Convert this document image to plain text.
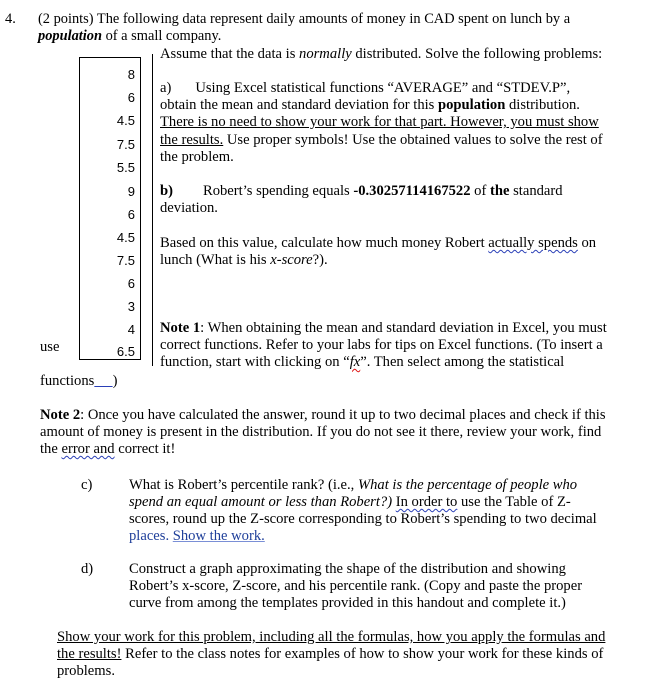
4. (2 points) The following data represent daily amounts of money in CAD spent on lunch by a
population of a small company.
Assume that the data is normally distributed. Solve the following problems:
8
6
4.5
7.5
5.5
9
6
4.5
7.5
6
3
4
6.5
a) Using Excel statistical functions “AVERAGE” and “STDEV.P”,
obtain the mean and standard deviation for this population distribution.
There is no need to show your work for that part. However, you must show
the results. Use proper symbols! Use the obtained values to solve the rest of
the problem.
b) Robert’s spending equals -0.30257114167522 of the standard
deviation.
Based on this value, calculate how much money Robert actually spends on
lunch (What is his x-score?).
Note 1: When obtaining the mean and standard deviation in Excel, you must
use	correct functions. Refer to your labs for tips on Excel functions. (To insert a
function, start with clicking on “fx”. Then select among the statistical
functions )
Note 2: Once you have calculated the answer, round it up to two decimal places and check if this
amount of money is present in the distribution. If you do not see it there, review your work, find
the error and correct it!
c)	What is Robert’s percentile rank? (i.e., What is the percentage of people who
spend an equal amount or less than Robert?) In order to use the Table of Z-
scores, round up the Z-score corresponding to Robert’s spending to two decimal
places. Show the work.
d) Construct a graph approximating the shape of the distribution and showing
Robert’s x-score, Z-score, and his percentile rank. (Copy and paste the proper
curve from among the templates provided in this handout and complete it.)
Show your work for this problem, including all the formulas, how you apply the formulas and
the results! Refer to the class notes for examples of how to show your work for these kinds of
problems.
